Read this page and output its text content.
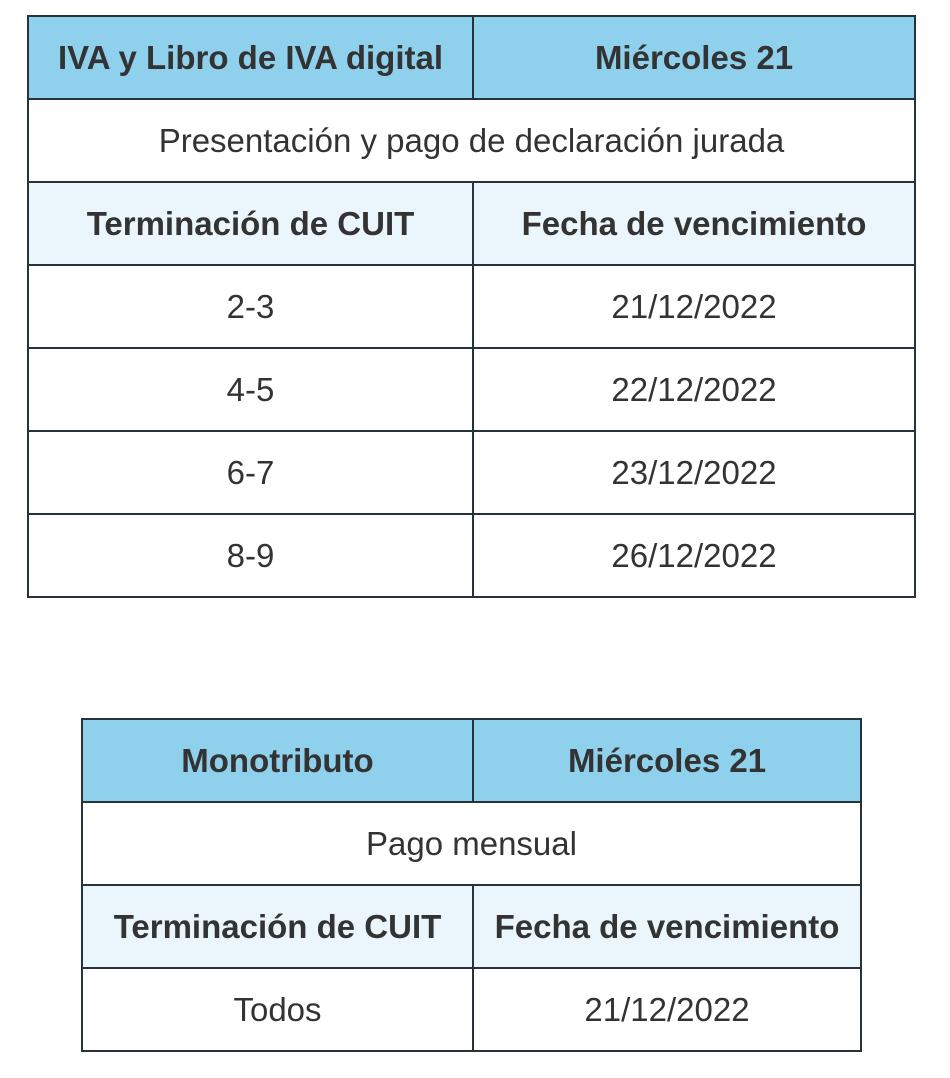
IVA y Libro de IVA digital	Miércoles 21
Presentación y pago de declaración jurada	
Terminación de CUIT	Fecha de vencimiento
2-3	21/12/2022
4-5	22/12/2022
6-7	23/12/2022
8-9	26/12/2022
Monotributo	Miércoles 21
Pago mensual	
Terminación de CUIT	Fecha de vencimiento
Todos	21/12/2022
